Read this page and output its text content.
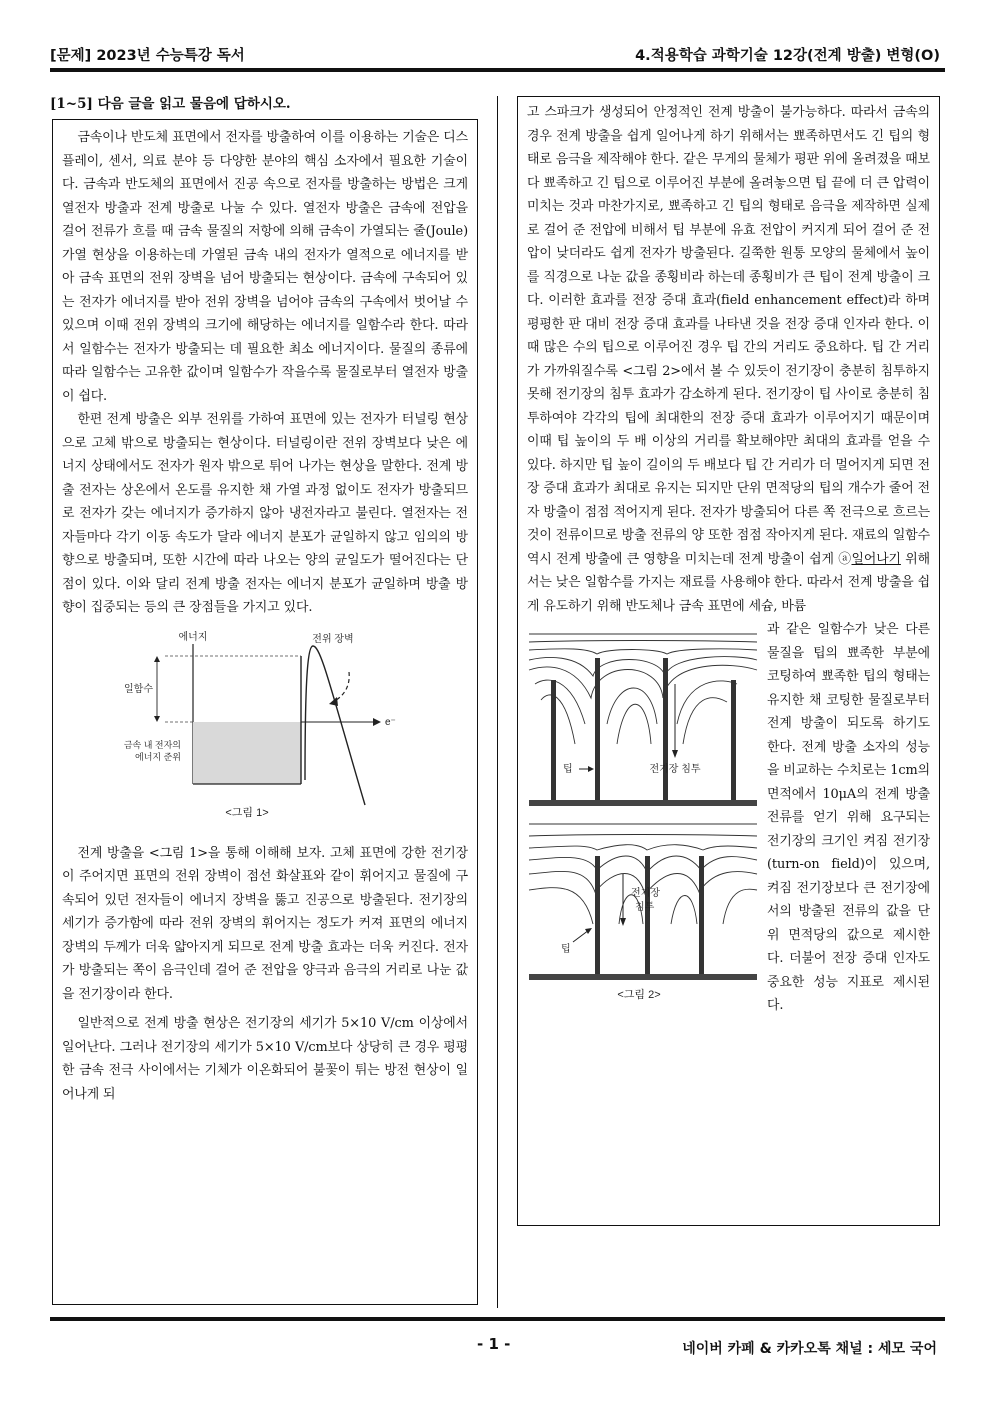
[문제] 2023년 수능특강 독서	4.적용학습 과학기술 12강(전계 방출) 변형(O)
[1~5] 다음 글을 읽고 물음에 답하시오.

금속이나 반도체 표면에서 전자를 방출하여 이를 이용하는 기술은 디스플레이, 센서, 의료 분야 등 다양한 분야의 핵심 소자에서 필요한 기술이다. 금속과 반도체의 표면에서 진공 속으로 전자를 방출하는 방법은 크게 열전자 방출과 전계 방출로 나눌 수 있다. 열전자 방출은 금속에 전압을 걸어 전류가 흐를 때 금속 물질의 저항에 의해 금속이 가열되는 줄(Joule) 가열 현상을 이용하는데 가열된 금속 내의 전자가 열적으로 에너지를 받아 금속 표면의 전위 장벽을 넘어 방출되는 현상이다. 금속에 구속되어 있는 전자가 에너지를 받아 전위 장벽을 넘어야 금속의 구속에서 벗어날 수 있으며 이때 전위 장벽의 크기에 해당하는 에너지를 일함수라 한다. 따라서 일함수는 전자가 방출되는 데 필요한 최소 에너지이다. 물질의 종류에 따라 일함수는 고유한 값이며 일함수가 작을수록 물질로부터 열전자 방출이 쉽다.

한편 전계 방출은 외부 전위를 가하여 표면에 있는 전자가 터널링 현상으로 고체 밖으로 방출되는 현상이다. 터널링이란 전위 장벽보다 낮은 에너지 상태에서도 전자가 원자 밖으로 튀어 나가는 현상을 말한다. 전계 방출 전자는 상온에서 온도를 유지한 채 가열 과정 없이도 전자가 방출되므로 전자가 갖는 에너지가 증가하지 않아 냉전자라고 불린다. 열전자는 전자들마다 각기 이동 속도가 달라 에너지 분포가 균일하지 않고 임의의 방향으로 방출되며, 또한 시간에 따라 나오는 양의 균일도가 떨어진다는 단점이 있다. 이와 달리 전계 방출 전자는 에너지 분포가 균일하며 방출 방향이 집중되는 등의 큰 장점들을 가지고 있다.

에너지
일함수
금속 내 전자의
에너지 준위
전위 장벽
e⁻
<그림 1>

전계 방출을 <그림 1>을 통해 이해해 보자. 고체 표면에 강한 전기장이 주어지면 표면의 전위 장벽이 점선 화살표와 같이 휘어지고 물질에 구속되어 있던 전자들이 에너지 장벽을 뚫고 진공으로 방출된다. 전기장의 세기가 증가함에 따라 전위 장벽의 휘어지는 정도가 커져 표면의 에너지 장벽의 두께가 더욱 얇아지게 되므로 전계 방출 효과는 더욱 커진다. 전자가 방출되는 쪽이 음극인데 걸어 준 전압을 양극과 음극의 거리로 나눈 값을 전기장이라 한다.

일반적으로 전계 방출 현상은 전기장의 세기가 5×10 V/cm 이상에서 일어난다. 그러나 전기장의 세기가 5×10 V/cm보다 상당히 큰 경우 평평한 금속 전극 사이에서는 기체가 이온화되어 불꽃이 튀는 방전 현상이 일어나게 되

고 스파크가 생성되어 안정적인 전계 방출이 불가능하다. 따라서 금속의 경우 전계 방출을 쉽게 일어나게 하기 위해서는 뾰족하면서도 긴 팁의 형태로 음극을 제작해야 한다. 같은 무게의 물체가 평판 위에 올려졌을 때보다 뾰족하고 긴 팁으로 이루어진 부분에 올려놓으면 팁 끝에 더 큰 압력이 미치는 것과 마찬가지로, 뾰족하고 긴 팁의 형태로 음극을 제작하면 실제로 걸어 준 전압에 비해서 팁 부분에 유효 전압이 커지게 되어 걸어 준 전압이 낮더라도 쉽게 전자가 방출된다. 길쭉한 원통 모양의 물체에서 높이를 직경으로 나눈 값을 종횡비라 하는데 종횡비가 큰 팁이 전계 방출이 크다. 이러한 효과를 전장 증대 효과(field enhancement effect)라 하며 평평한 판 대비 전장 증대 효과를 나타낸 것을 전장 증대 인자라 한다. 이때 많은 수의 팁으로 이루어진 경우 팁 간의 거리도 중요하다. 팁 간 거리가 가까워질수록 <그림 2>에서 볼 수 있듯이 전기장이 충분히 침투하지 못해 전기장의 침투 효과가 감소하게 된다. 전기장이 팁 사이로 충분히 침투하여야 각각의 팁에 최대한의 전장 증대 효과가 이루어지기 때문이며 이때 팁 높이의 두 배 이상의 거리를 확보해야만 최대의 효과를 얻을 수 있다. 하지만 팁 높이 길이의 두 배보다 팁 간 거리가 더 멀어지게 되면 전장 증대 효과가 최대로 유지는 되지만 단위 면적당의 팁의 개수가 줄어 전자 방출이 점점 적어지게 된다. 전자가 방출되어 다른 쪽 전극으로 흐르는 것이 전류이므로 방출 전류의 양 또한 점점 작아지게 된다. 재료의 일함수 역시 전계 방출에 큰 영향을 미치는데 전계 방출이 쉽게 ⓐ일어나기 위해서는 낮은 일함수를 가지는 재료를 사용해야 한다. 따라서 전계 방출을 쉽게 유도하기 위해 반도체나 금속 표면에 세슘, 바륨

팁	전기장 침투
전기장
침투
팁
<그림 2>

과 같은 일함수가 낮은 다른 물질을 팁의 뾰족한 부분에 코팅하여 뾰족한 팁의 형태는 유지한 채 코팅한 물질로부터 전계 방출이 되도록 하기도 한다. 전계 방출 소자의 성능을 비교하는 수치로는 1cm의 면적에서 10μA의 전계 방출 전류를 얻기 위해 요구되는 전기장의 크기인 켜짐 전기장(turn-on field)이 있으며, 켜짐 전기장보다 큰 전기장에서의 방출된 전류의 값을 단위 면적당의 값으로 제시한다. 더불어 전장 증대 인자도 중요한 성능 지표로 제시된다.

- 1 -	네이버 카페 & 카카오톡 채널 : 세모 국어
